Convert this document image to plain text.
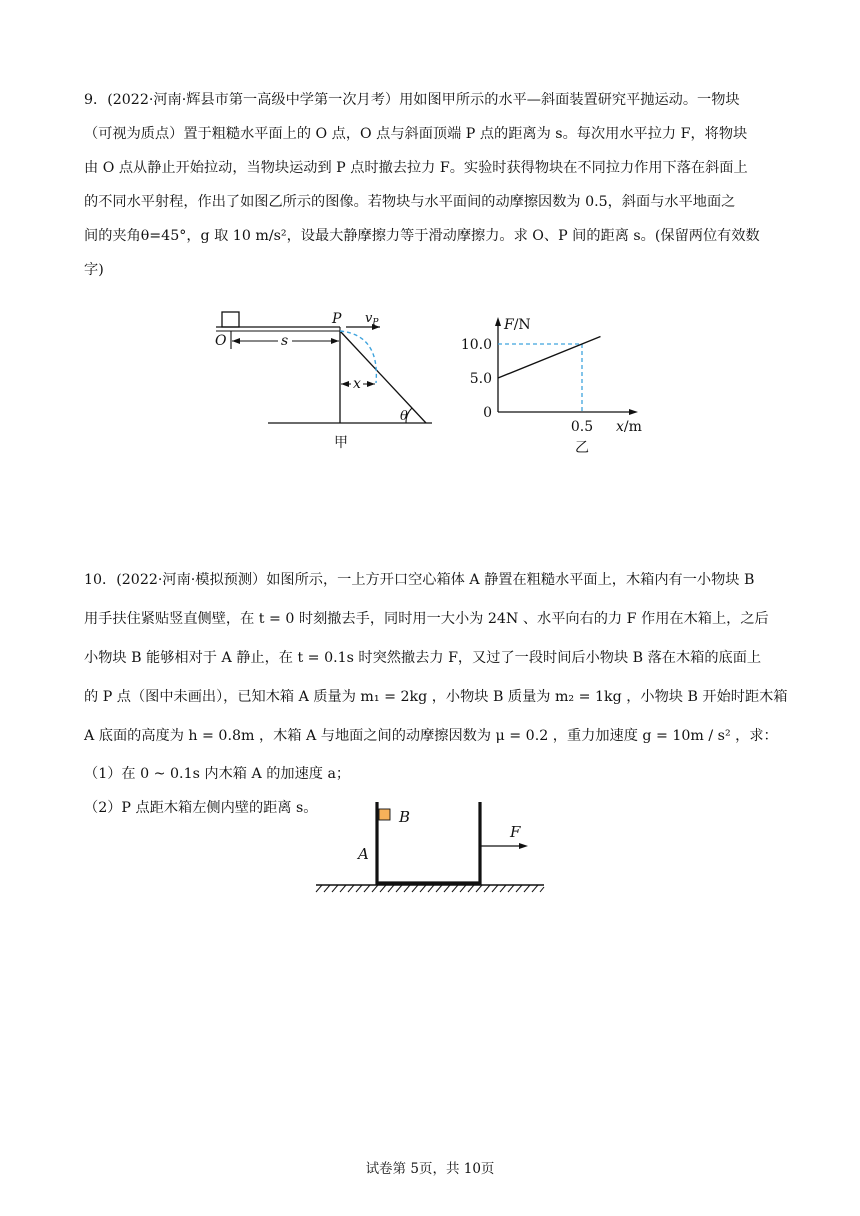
9．(2022·河南·辉县市第一高级中学第一次月考）用如图甲所示的水平—斜面装置研究平抛运动。一物块
（可视为质点）置于粗糙水平面上的 O 点，O 点与斜面顶端 P 点的距离为 s。每次用水平拉力 F，将物块
由 O 点从静止开始拉动，当物块运动到 P 点时撤去拉力 F。实验时获得物块在不同拉力作用下落在斜面上
的不同水平射程，作出了如图乙所示的图像。若物块与水平面间的动摩擦因数为 0.5，斜面与水平地面之
间的夹角θ=45°，g 取 10 m/s²，设最大静摩擦力等于滑动摩擦力。求 O、P 间的距离 s。(保留两位有效数
字)
O
P
s
$v_P$
x
θ
甲
F/N
x/m
10.0
5.0
0
0.5
乙
10．(2022·河南·模拟预测）如图所示，一上方开口空心箱体 A 静置在粗糙水平面上，木箱内有一小物块 B
用手扶住紧贴竖直侧壁，在 t = 0 时刻撤去手，同时用一大小为 24N 、水平向右的力 F 作用在木箱上，之后
小物块 B 能够相对于 A 静止，在 t = 0.1s 时突然撤去力 F，又过了一段时间后小物块 B 落在木箱的底面上
的 P 点（图中未画出），已知木箱 A 质量为 m₁ = 2kg ，小物块 B 质量为 m₂ = 1kg ，小物块 B 开始时距木箱
A 底面的高度为 h = 0.8m ，木箱 A 与地面之间的动摩擦因数为 μ = 0.2 ，重力加速度 g = 10m / s² ，求：
（1）在 0 ~ 0.1s 内木箱 A 的加速度 a；
（2）P 点距木箱左侧内壁的距离 s。
A
B
F
试卷第 5页，共 10页
